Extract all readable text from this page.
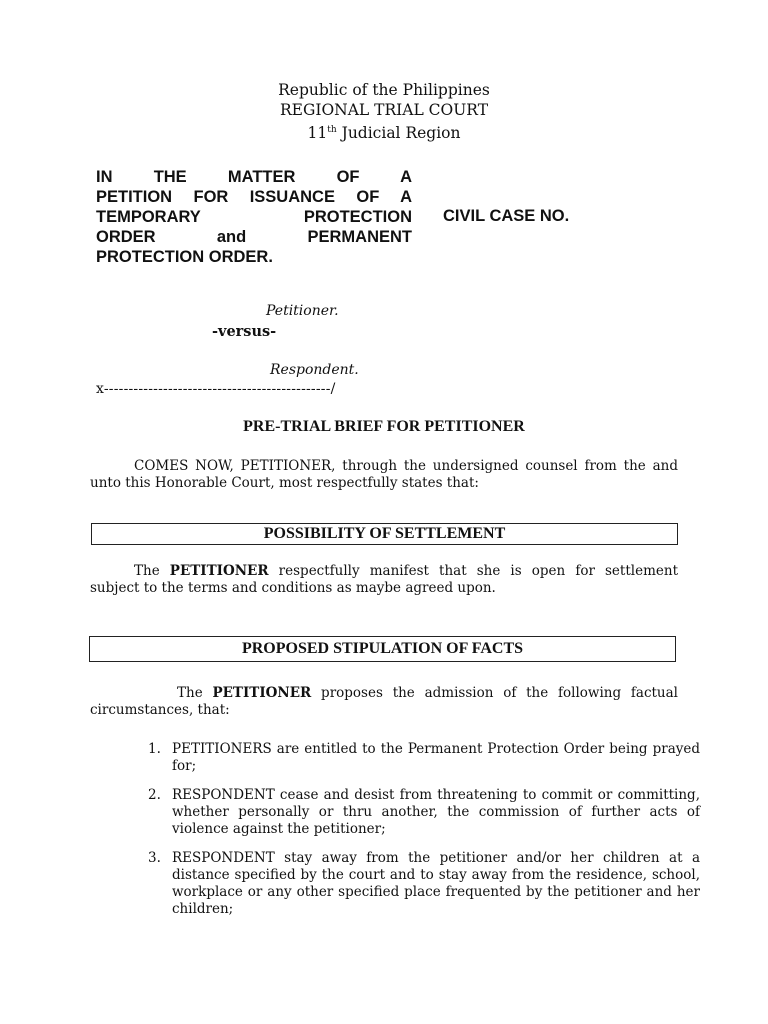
Republic of the Philippines
REGIONAL TRIAL COURT
11th Judicial Region
IN THE MATTER OF A
PETITION FOR ISSUANCE OF A
TEMPORARY PROTECTION
ORDER and PERMANENT
PROTECTION ORDER.
CIVIL CASE NO.
Petitioner.
-versus-
Respondent.
x----------------------------------------------/
PRE-TRIAL BRIEF FOR PETITIONER
COMES NOW, PETITIONER, through the undersigned counsel from the and unto this Honorable Court, most respectfully states that:
POSSIBILITY OF SETTLEMENT
The PETITIONER respectfully manifest that she is open for settlement subject to the terms and conditions as maybe agreed upon.
PROPOSED STIPULATION OF FACTS
The PETITIONER proposes the admission of the following factual circumstances, that:
1. PETITIONERS are entitled to the Permanent Protection Order being prayed for;
2. RESPONDENT cease and desist from threatening to commit or committing, whether personally or thru another, the commission of further acts of violence against the petitioner;
3. RESPONDENT stay away from the petitioner and/or her children at a distance specified by the court and to stay away from the residence, school, workplace or any other specified place frequented by the petitioner and her children;
